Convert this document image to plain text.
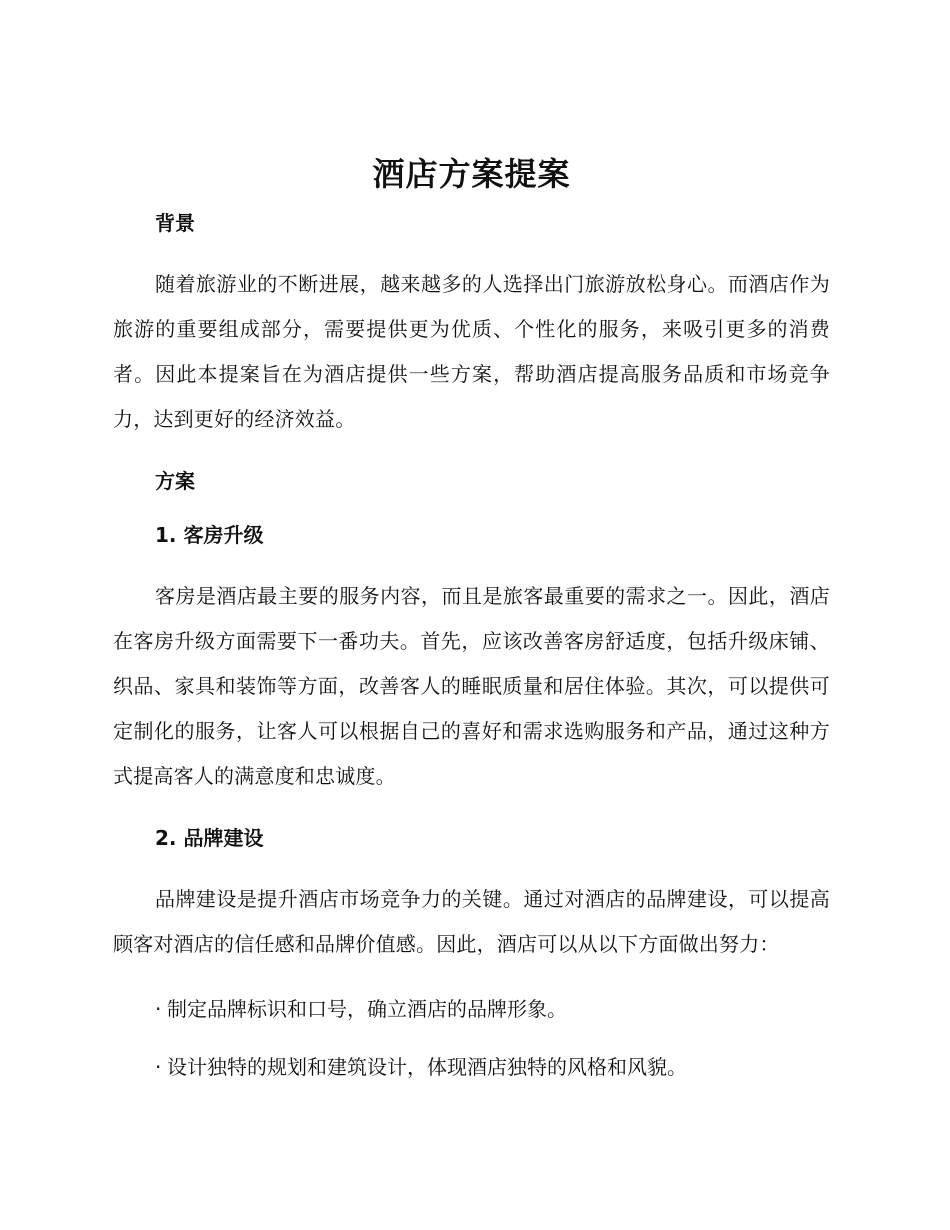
酒店方案提案
背景

随着旅游业的不断进展，越来越多的人选择出门旅游放松身心。而酒店作为旅游的重要组成部分，需要提供更为优质、个性化的服务，来吸引更多的消费者。因此本提案旨在为酒店提供一些方案，帮助酒店提高服务品质和市场竞争力，达到更好的经济效益。

方案
1. 客房升级

客房是酒店最主要的服务内容，而且是旅客最重要的需求之一。因此，酒店在客房升级方面需要下一番功夫。首先，应该改善客房舒适度，包括升级床铺、织品、家具和装饰等方面，改善客人的睡眠质量和居住体验。其次，可以提供可定制化的服务，让客人可以根据自己的喜好和需求选购服务和产品，通过这种方式提高客人的满意度和忠诚度。

2. 品牌建设

品牌建设是提升酒店市场竞争力的关键。通过对酒店的品牌建设，可以提高顾客对酒店的信任感和品牌价值感。因此，酒店可以从以下方面做出努力：

· 制定品牌标识和口号，确立酒店的品牌形象。
· 设计独特的规划和建筑设计，体现酒店独特的风格和风貌。
